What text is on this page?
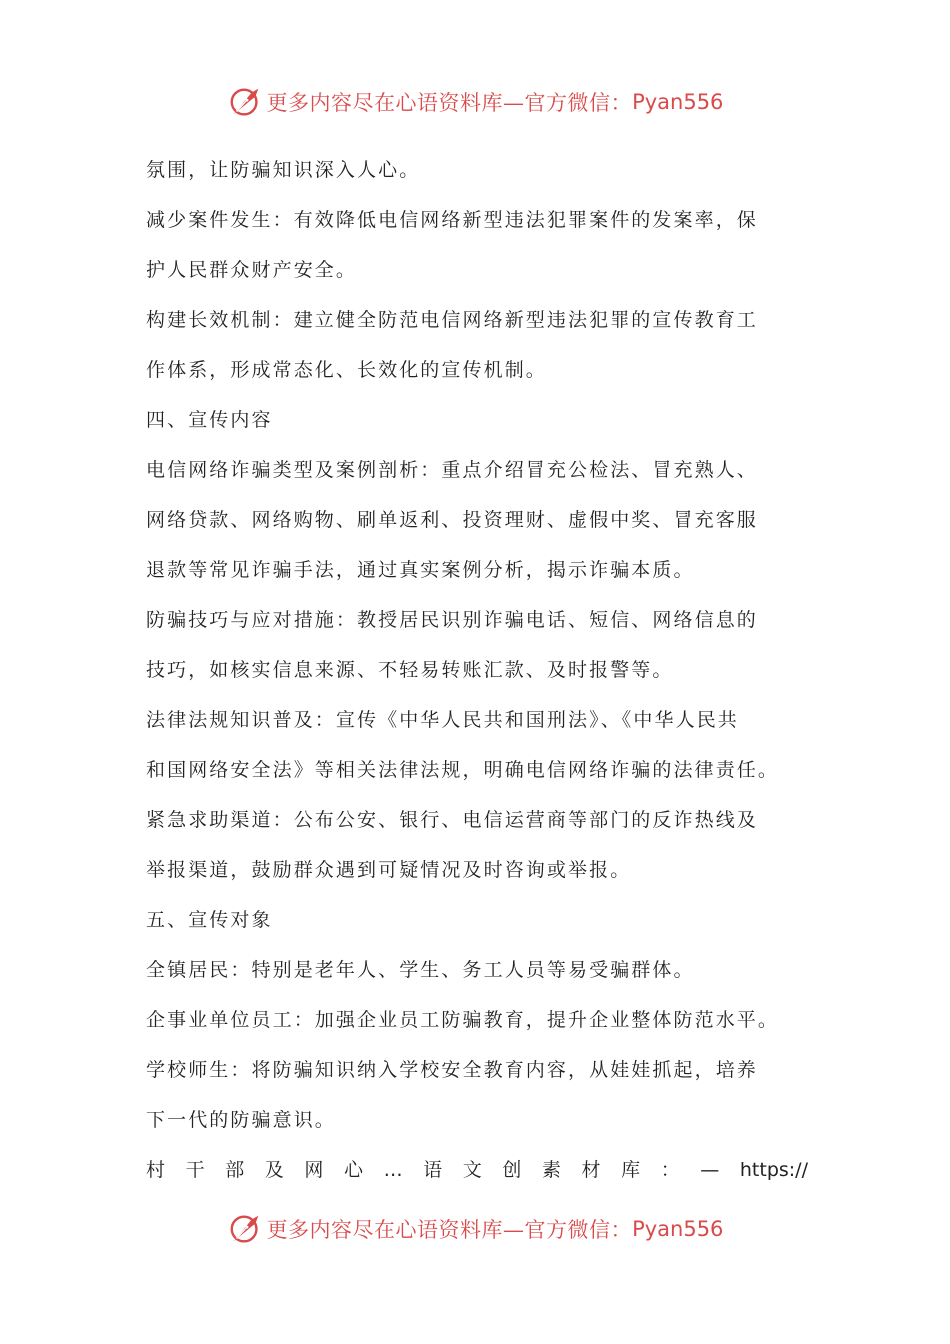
更多内容尽在心语资料库—官方微信： Pyan556
氛围，让防骗知识深入人心。
减少案件发生：有效降低电信网络新型违法犯罪案件的发案率，保
护人民群众财产安全。
构建长效机制：建立健全防范电信网络新型违法犯罪的宣传教育工
作体系，形成常态化、长效化的宣传机制。
四、宣传内容
电信网络诈骗类型及案例剖析：重点介绍冒充公检法、冒充熟人、
网络贷款、网络购物、刷单返利、投资理财、虚假中奖、冒充客服
退款等常见诈骗手法，通过真实案例分析，揭示诈骗本质。
防骗技巧与应对措施：教授居民识别诈骗电话、短信、网络信息的
技巧，如核实信息来源、不轻易转账汇款、及时报警等。
法律法规知识普及：宣传《中华人民共和国刑法》、《中华人民共
和国网络安全法》等相关法律法规，明确电信网络诈骗的法律责任。
紧急求助渠道：公布公安、银行、电信运营商等部门的反诈热线及
举报渠道，鼓励群众遇到可疑情况及时咨询或举报。
五、宣传对象
全镇居民：特别是老年人、学生、务工人员等易受骗群体。
企事业单位员工：加强企业员工防骗教育，提升企业整体防范水平。
学校师生：将防骗知识纳入学校安全教育内容，从娃娃抓起，培养
下一代的防骗意识。
村 干 部 及 网 心 … 语 文 创 素 材 库 ： — https://
更多内容尽在心语资料库—官方微信： Pyan556
